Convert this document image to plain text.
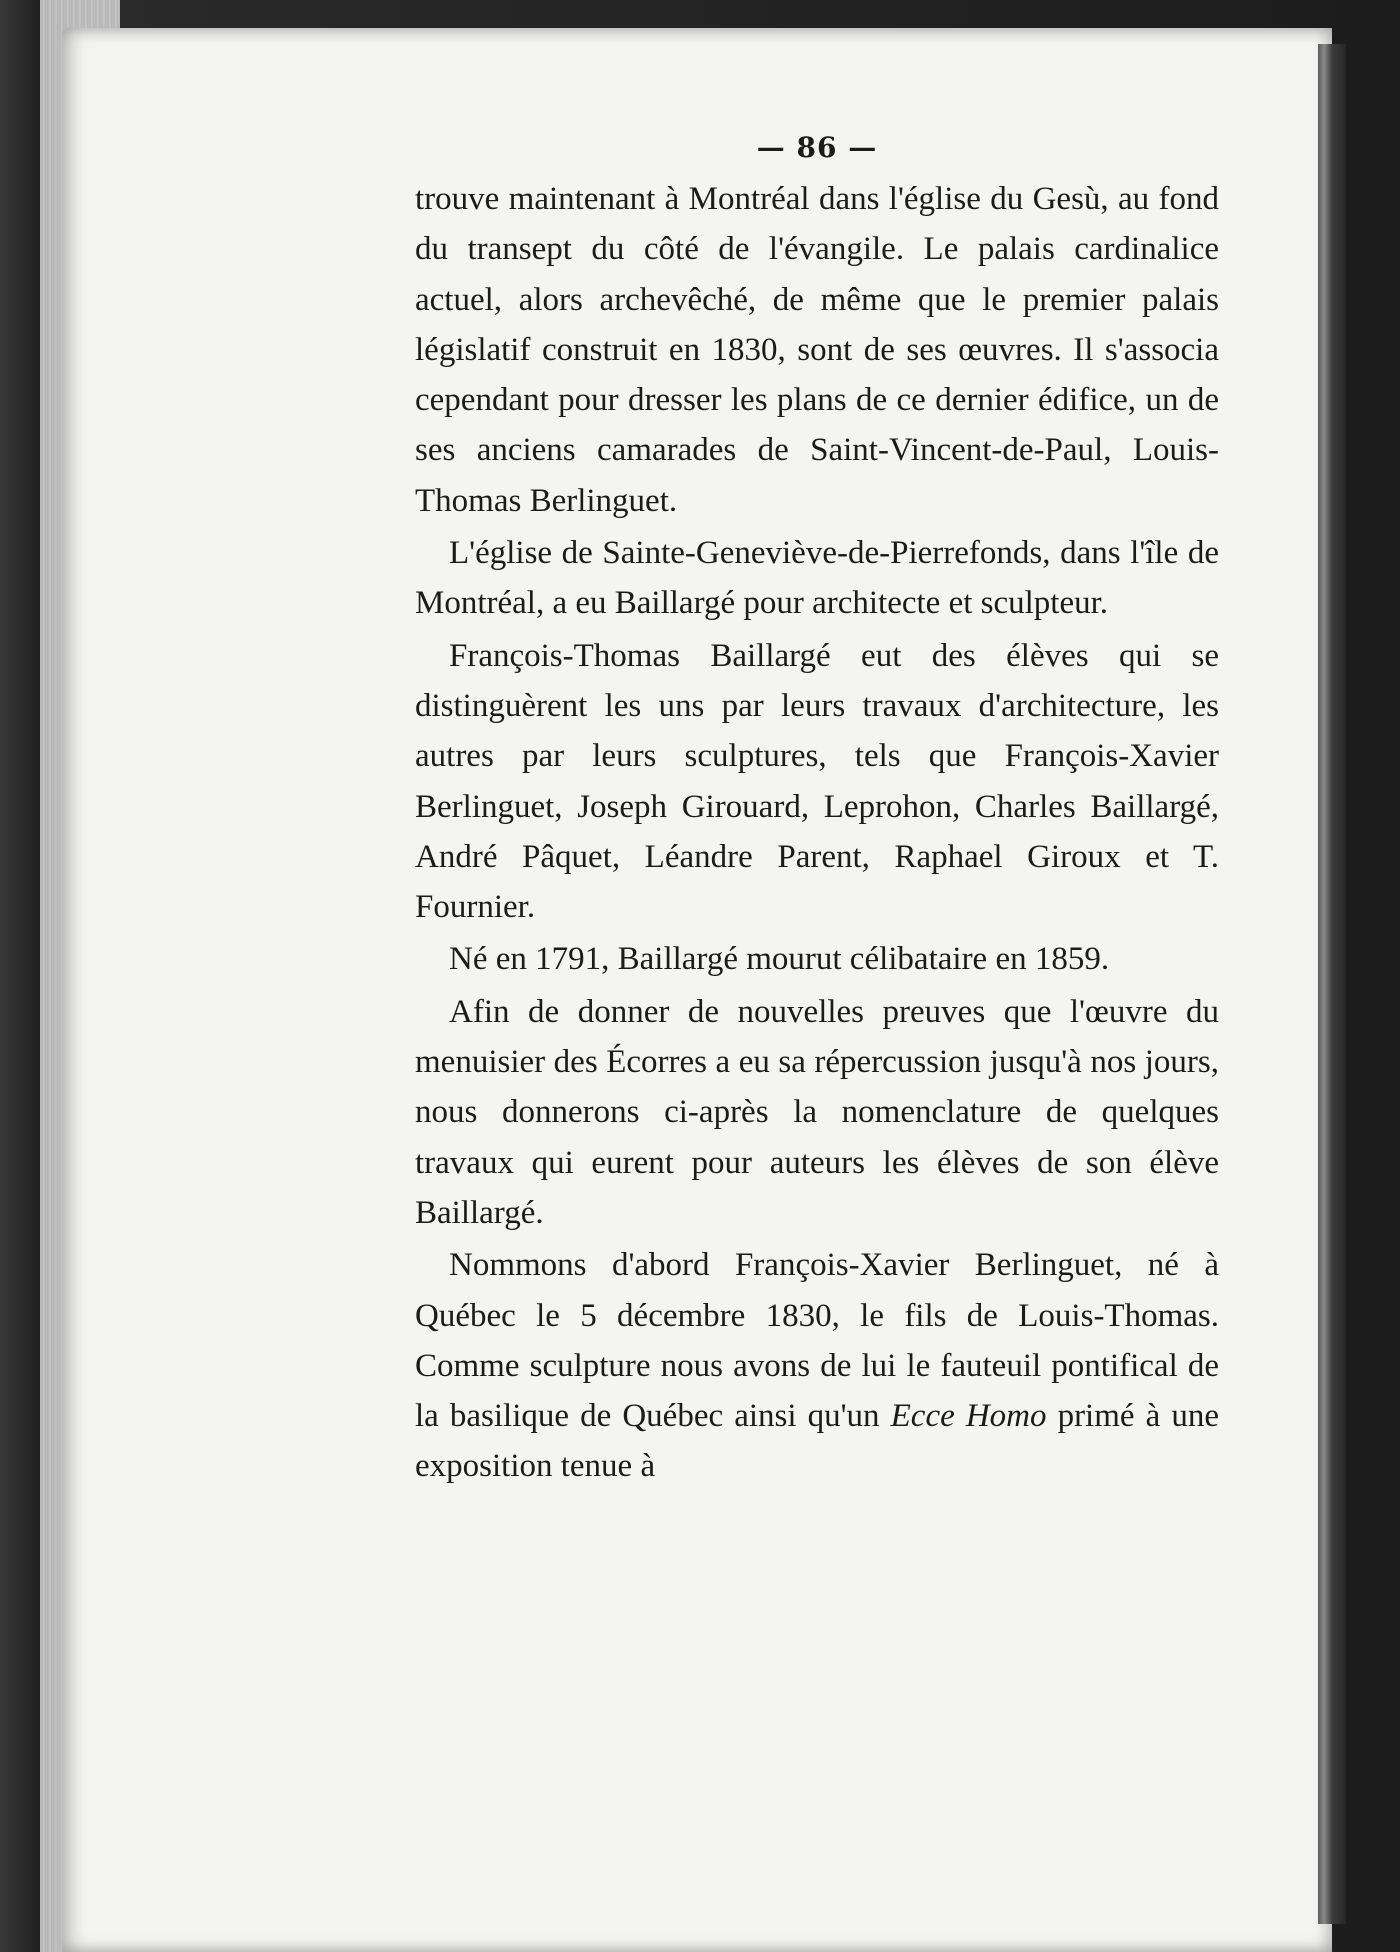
— 86 —

trouve maintenant à Montréal dans l'église du Gesù, au fond du transept du côté de l'évangile. Le palais cardinalice actuel, alors archevêché, de même que le premier palais législatif construit en 1830, sont de ses œuvres. Il s'associa cependant pour dresser les plans de ce dernier édifice, un de ses anciens camarades de Saint-Vincent-de-Paul, Louis-Thomas Berlinguet.

L'église de Sainte-Geneviève-de-Pierrefonds, dans l'île de Montréal, a eu Baillargé pour architecte et sculpteur.

François-Thomas Baillargé eut des élèves qui se distinguèrent les uns par leurs travaux d'architecture, les autres par leurs sculptures, tels que François-Xavier Berlinguet, Joseph Girouard, Leprohon, Charles Baillargé, André Pâquet, Léandre Parent, Raphael Giroux et T. Fournier.

Né en 1791, Baillargé mourut célibataire en 1859.

Afin de donner de nouvelles preuves que l'œuvre du menuisier des Écorres a eu sa répercussion jusqu'à nos jours, nous donnerons ci-après la nomenclature de quelques travaux qui eurent pour auteurs les élèves de son élève Baillargé.

Nommons d'abord François-Xavier Berlinguet, né à Québec le 5 décembre 1830, le fils de Louis-Thomas. Comme sculpture nous avons de lui le fauteuil pontifical de la basilique de Québec ainsi qu'un Ecce Homo primé à une exposition tenue à
